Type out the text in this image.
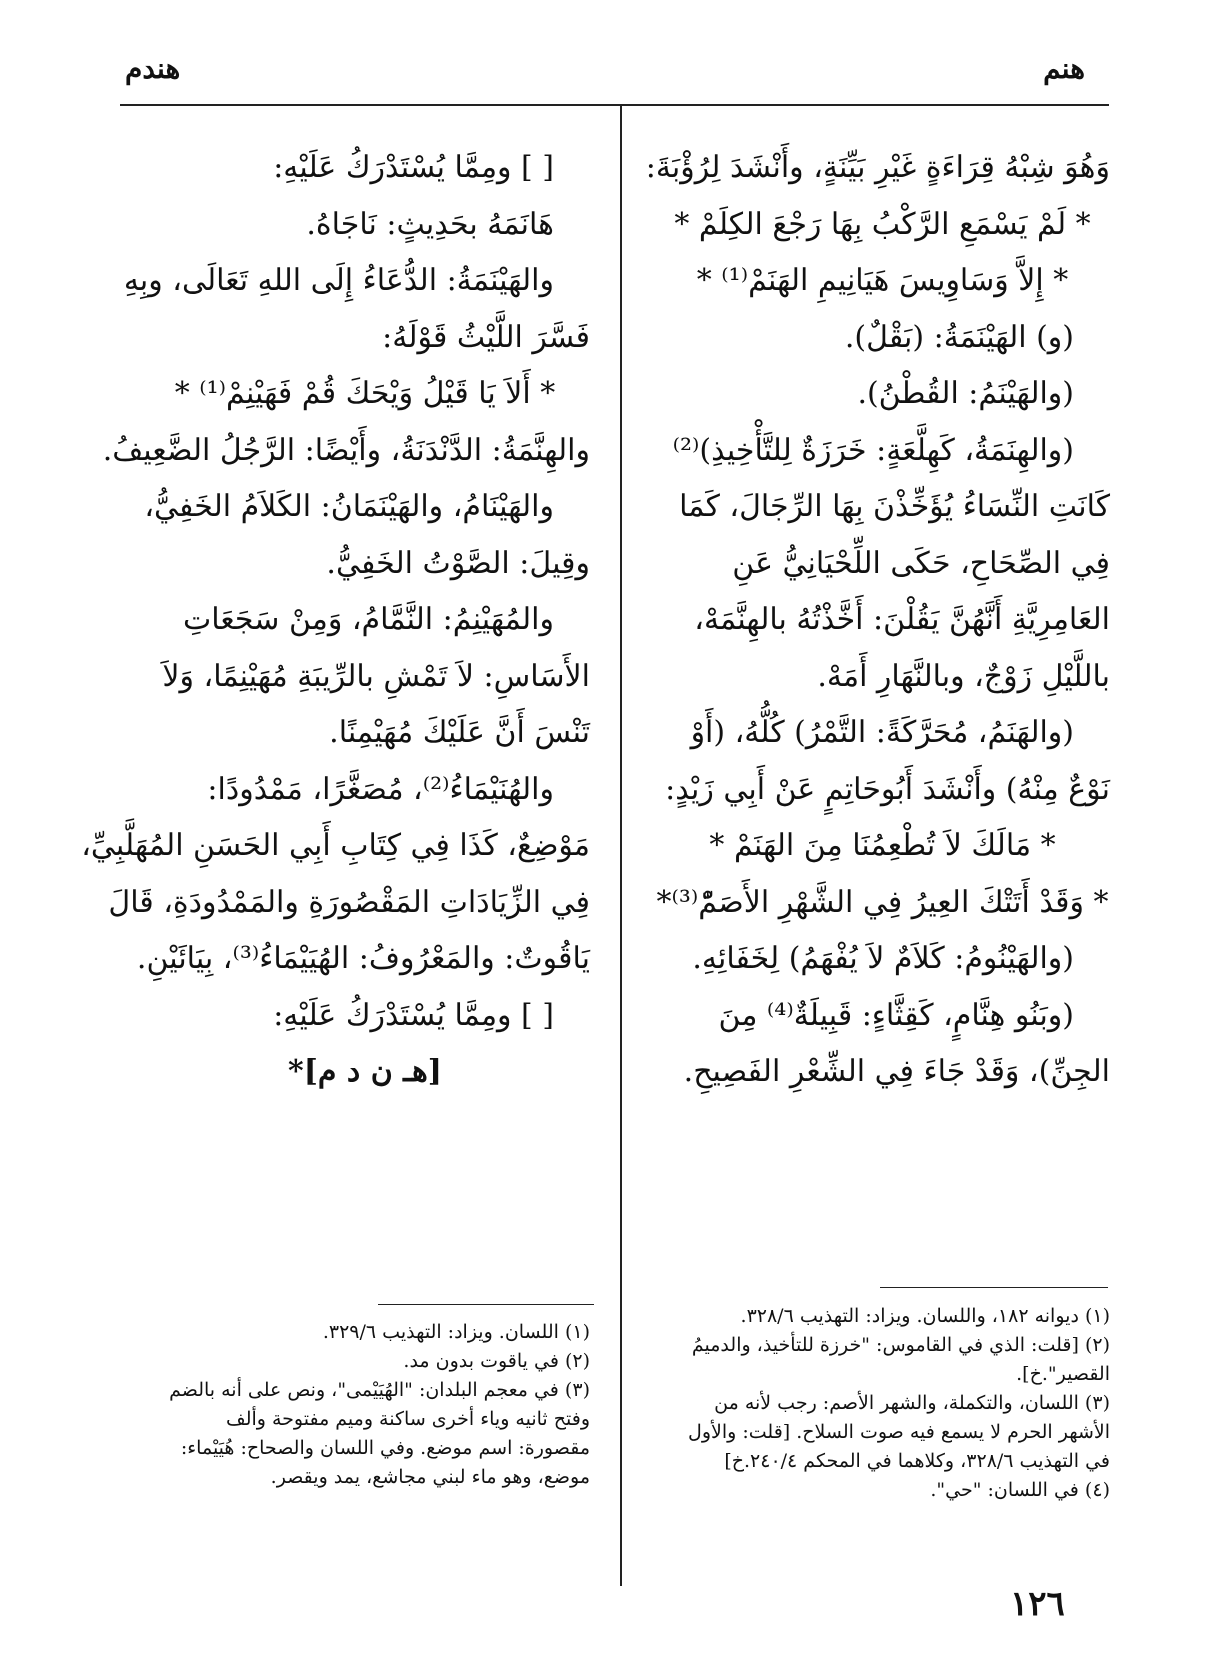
هنم
هندم
وَهُوَ شِبْهُ قِرَاءَةٍ غَيْرِ بَيِّنَةٍ، وأَنْشَدَ لِرُؤْبَةَ:
* لَمْ يَسْمَعِ الرَّكْبُ بِهَا رَجْعَ الكِلَمْ *
* إِلاَّ وَسَاوِيسَ هَيَانِيمِ الهَنَمْ⁽¹⁾ *
(و) الهَيْنَمَةُ: (بَقْلٌ).
(والهَيْنَمُ: القُطْنُ).
(والهِنَمَةُ، كَهِلَّعَةٍ: خَرَزَةٌ لِلتَّأْخِيذِ)⁽²⁾
كَانَتِ النِّسَاءُ يُؤَخِّذْنَ بِهَا الرِّجَالَ، كَمَا
فِي الصِّحَاحِ، حَكَى اللِّحْيَانِيُّ عَنِ
العَامِرِيَّةِ أَنَّهُنَّ يَقُلْنَ: أَخَّذْتُهُ بالهِنَّمَهْ،
باللَّيْلِ زَوْجٌ، وبالنَّهَارِ أَمَهْ.
(والهَنَمُ، مُحَرَّكَةً: التَّمْرُ) كُلُّهُ، (أَوْ
نَوْعٌ مِنْهُ) وأَنْشَدَ أَبُوحَاتِمٍ عَنْ أَبِي زَيْدٍ:
* مَالَكَ لاَ تُطْعِمُنَا مِنَ الهَنَمْ *
* وَقَدْ أَتَتْكَ العِيرُ فِي الشَّهْرِ الأَصَمّْ⁽³⁾*
(والهَيْنُومُ: كَلاَمٌ لاَ يُفْهَمُ) لِخَفَائِهِ.
(وبَنُو هِنَّامٍ، كَقِثَّاءٍ: قَبِيلَةٌ⁽⁴⁾ مِنَ
الجِنِّ)، وَقَدْ جَاءَ فِي الشِّعْرِ الفَصِيحِ.
(١) ديوانه ١٨٢، واللسان. ويزاد: التهذيب ٣٢٨/٦.
(٢) [قلت: الذي في القاموس: "خرزة للتأخيذ، والدميمُ
القصير".خ].
(٣) اللسان، والتكملة، والشهر الأصم: رجب لأنه من
الأشهر الحرم لا يسمع فيه صوت السلاح. [قلت: والأول
في التهذيب ٣٢٨/٦، وكلاهما في المحكم ٢٤٠/٤.خ]
(٤) في اللسان: "حي".
[ ] ومِمَّا يُسْتَدْرَكُ عَلَيْهِ:
هَانَمَهُ بحَدِيثٍ: نَاجَاهُ.
والهَيْنَمَةُ: الدُّعَاءُ إِلَى اللهِ تَعَالَى، وبِهِ
فَسَّرَ اللَّيْثُ قَوْلَهُ:
* أَلاَ يَا قَيْلُ وَيْحَكَ قُمْ فَهَيْنِمْ⁽¹⁾ *
والهِنَّمَةُ: الدَّنْدَنَةُ، وأَيْضًا: الرَّجُلُ الضَّعِيفُ.
والهَيْنَامُ، والهَيْنَمَانُ: الكَلاَمُ الخَفِيُّ،
وقِيلَ: الصَّوْتُ الخَفِيُّ.
والمُهَيْنِمُ: النَّمَّامُ، وَمِنْ سَجَعَاتِ
الأَسَاسِ: لاَ تَمْشِ بالرِّيبَةِ مُهَيْنِمًا، وَلاَ
تَنْسَ أَنَّ عَلَيْكَ مُهَيْمِنًا.
والهُنَيْمَاءُ⁽²⁾، مُصَغَّرًا، مَمْدُودًا:
مَوْضِعٌ، كَذَا فِي كِتَابِ أَبِي الحَسَنِ المُهَلَّبِيِّ،
فِي الزِّيَادَاتِ المَقْصُورَةِ والمَمْدُودَةِ، قَالَ
يَاقُوتٌ: والمَعْرُوفُ: الهُيَيْمَاءُ⁽³⁾، بِيَائَيْنِ.
[ ] ومِمَّا يُسْتَدْرَكُ عَلَيْهِ:
[هـ ن د م]*
(١) اللسان. ويزاد: التهذيب ٣٢٩/٦.
(٢) في ياقوت بدون مد.
(٣) في معجم البلدان: "الهُيَيْمى"، ونص على أنه بالضم
وفتح ثانيه وياء أخرى ساكنة وميم مفتوحة وألف
مقصورة: اسم موضع. وفي اللسان والصحاح: هُيَيْماء:
موضع، وهو ماء لبني مجاشع، يمد ويقصر.
١٢٦
